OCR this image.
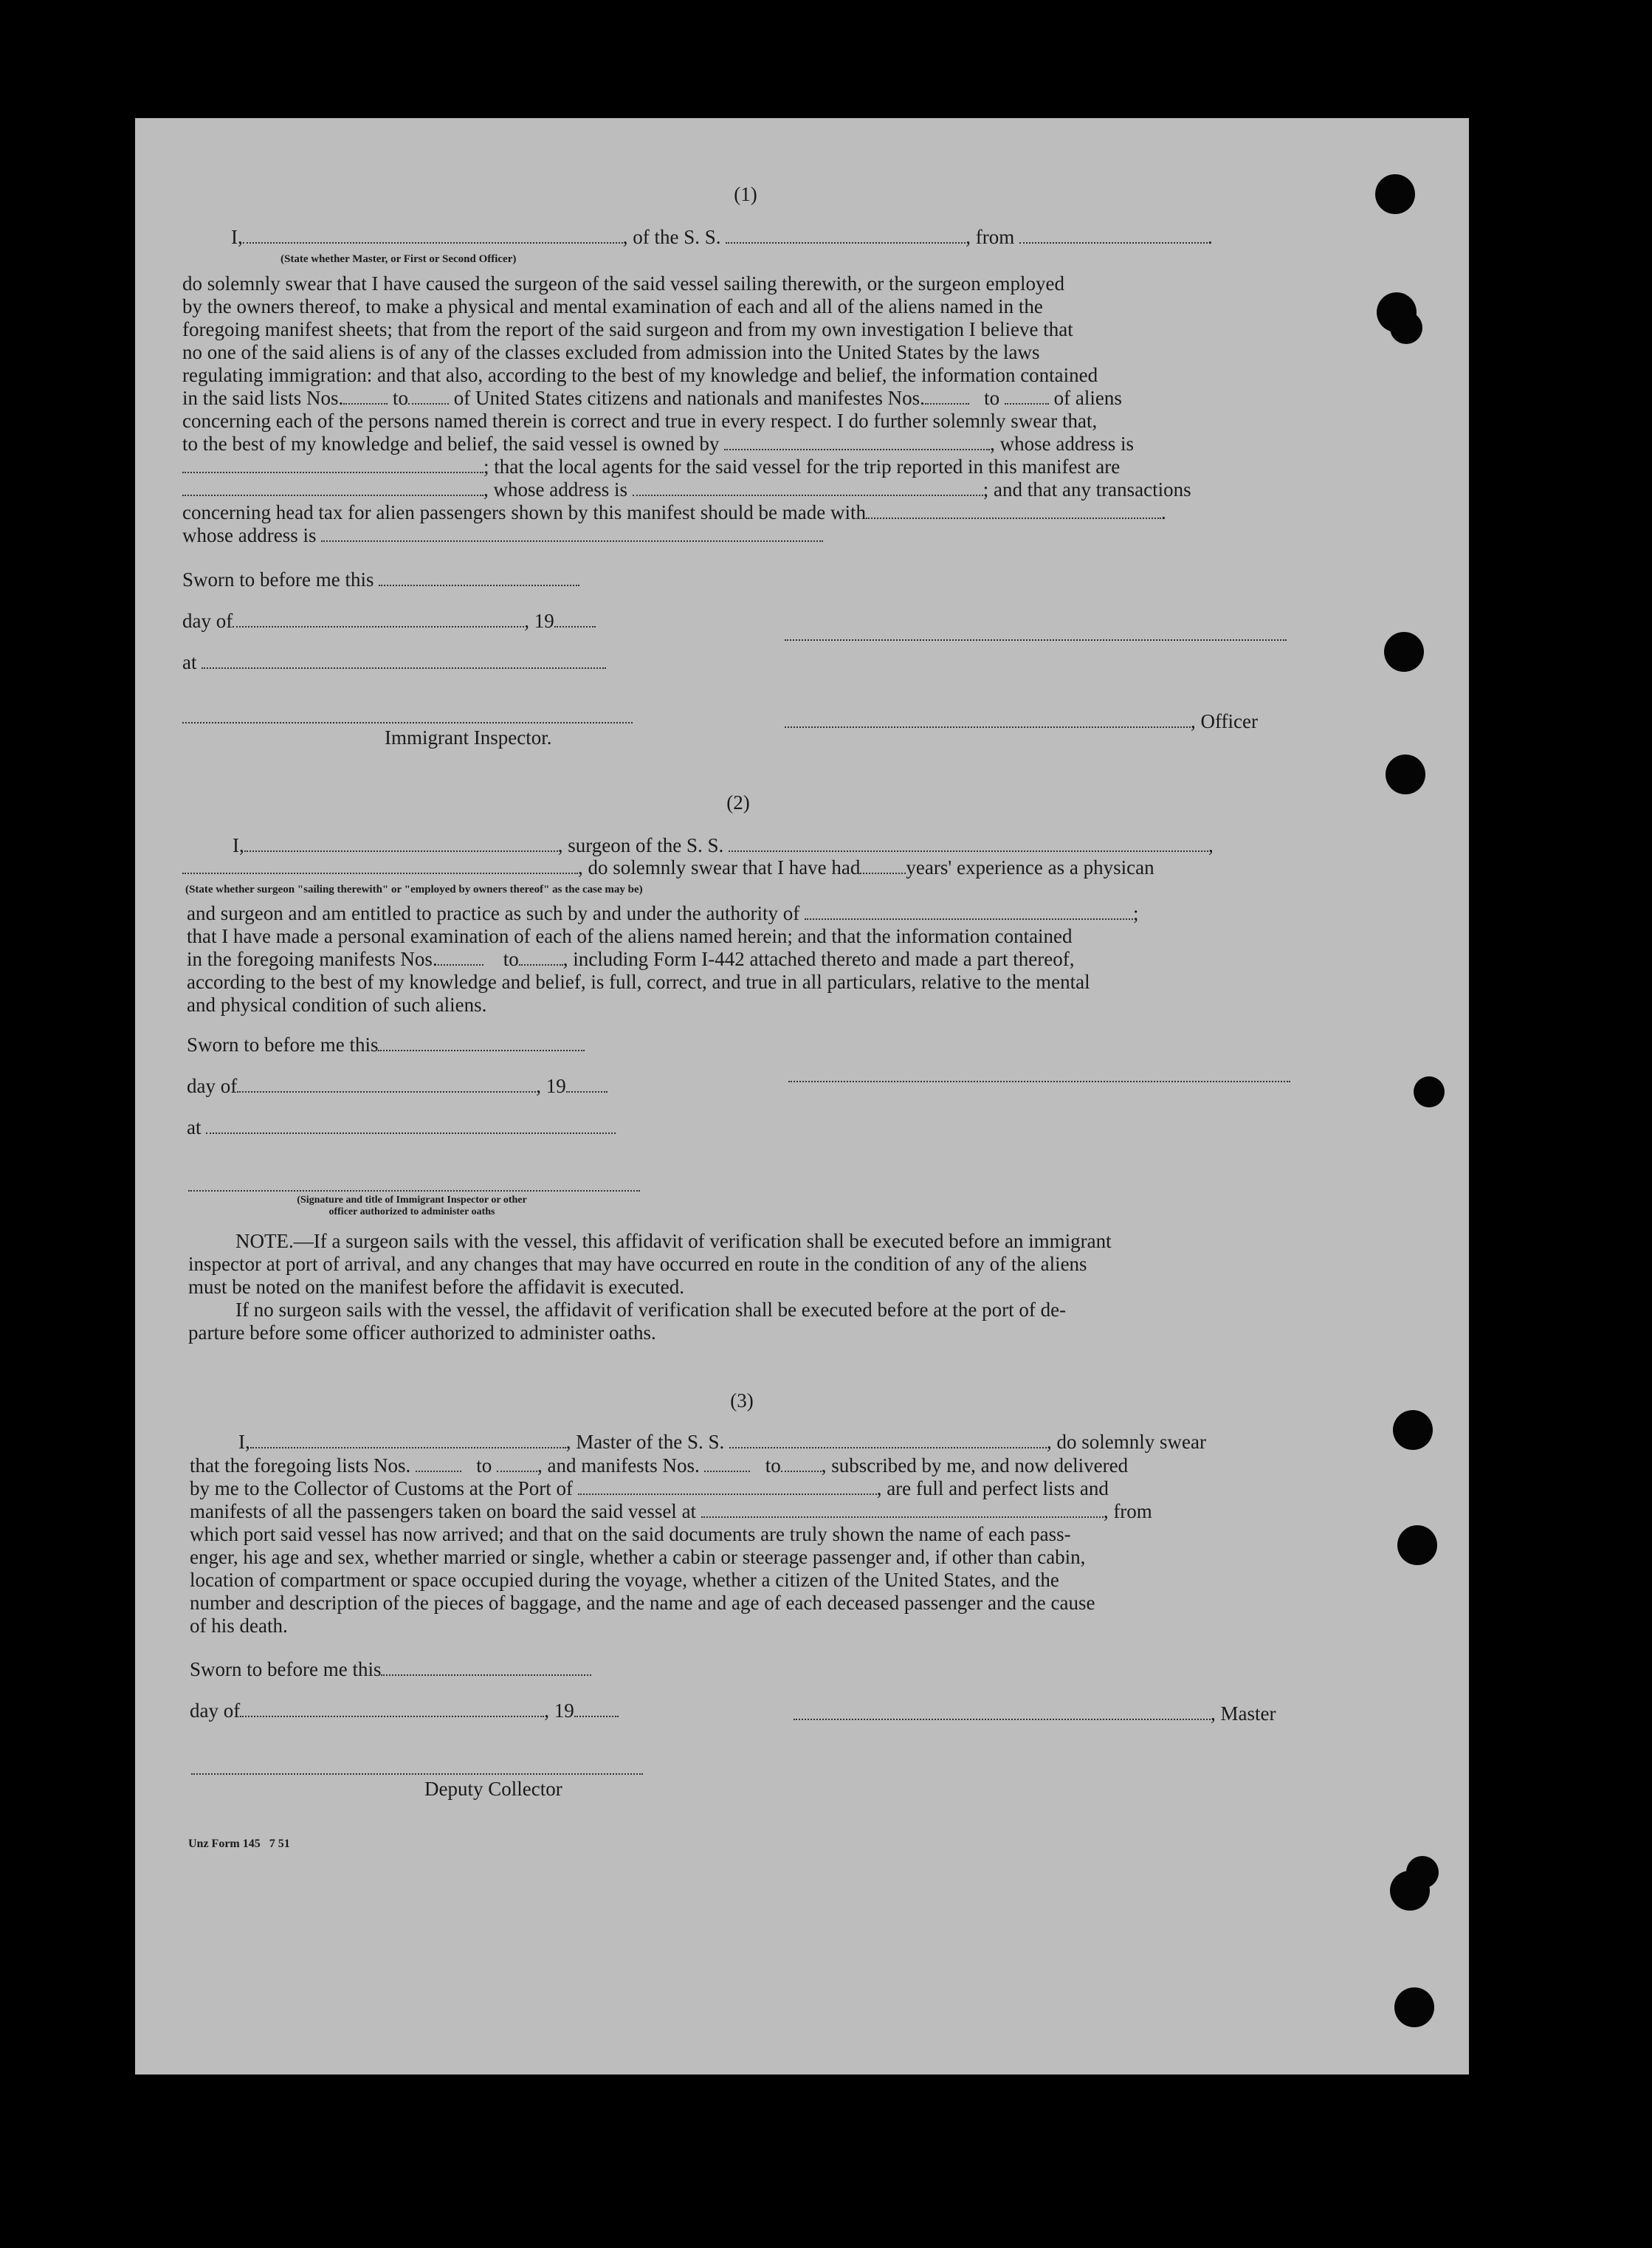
(1)
I,	, of the S. S.	, from	.
(State whether Master, or First or Second Officer)
do solemnly swear that I have caused the surgeon of the said vessel sailing therewith, or the surgeon employed
by the owners thereof, to make a physical and mental examination of each and all of the aliens named in the
foregoing manifest sheets; that from the report of the said surgeon and from my own investigation I believe that
no one of the said aliens is of any of the classes excluded from admission into the United States by the laws
regulating immigration: and that also, according to the best of my knowledge and belief, the information contained
in the said lists Nos. to of United States citizens and nationals and manifestes Nos.	to	of aliens
concerning each of the persons named therein is correct and true in every respect. I do further solemnly swear that,
to the best of my knowledge and belief, the said vessel is owned by	, whose address is
; that the local agents for the said vessel for the trip reported in this manifest are
, whose address is	; and that any transactions
concerning head tax for alien passengers shown by this manifest should be made with	.
whose address is
Sworn to before me this
day of	, 19
at
Immigrant Inspector.
, Officer
(2)
I,	, surgeon of the S. S.	,
, do solemnly swear that I have had years' experience as a physican
(State whether surgeon "sailing therewith" or "employed by owners thereof" as the case may be)
and surgeon and am entitled to practice as such by and under the authority of	;
that I have made a personal examination of each of the aliens named herein; and that the information contained
in the foregoing manifests Nos.	to , including Form I-442 attached thereto and made a part thereof,
according to the best of my knowledge and belief, is full, correct, and true in all particulars, relative to the mental
and physical condition of such aliens.
Sworn to before me this
day of	, 19
at
(Signature and title of Immigrant Inspector or other
officer authorized to administer oaths
NOTE.—If a surgeon sails with the vessel, this affidavit of verification shall be executed before an immigrant
inspector at port of arrival, and any changes that may have occurred en route in the condition of any of the aliens
must be noted on the manifest before the affidavit is executed.
If no surgeon sails with the vessel, the affidavit of verification shall be executed before at the port of de-
parture before some officer authorized to administer oaths.
(3)
I,	, Master of the S. S.	, do solemnly swear
that the foregoing lists Nos.	to , and manifests Nos.	to , subscribed by me, and now delivered
by me to the Collector of Customs at the Port of	, are full and perfect lists and
manifests of all the passengers taken on board the said vessel at	, from
which port said vessel has now arrived; and that on the said documents are truly shown the name of each pass-
enger, his age and sex, whether married or single, whether a cabin or steerage passenger and, if other than cabin,
location of compartment or space occupied during the voyage, whether a citizen of the United States, and the
number and description of the pieces of baggage, and the name and age of each deceased passenger and the cause
of his death.
Sworn to before me this
day of	, 19	, Master
Deputy Collector
Unz Form 145   7 51
